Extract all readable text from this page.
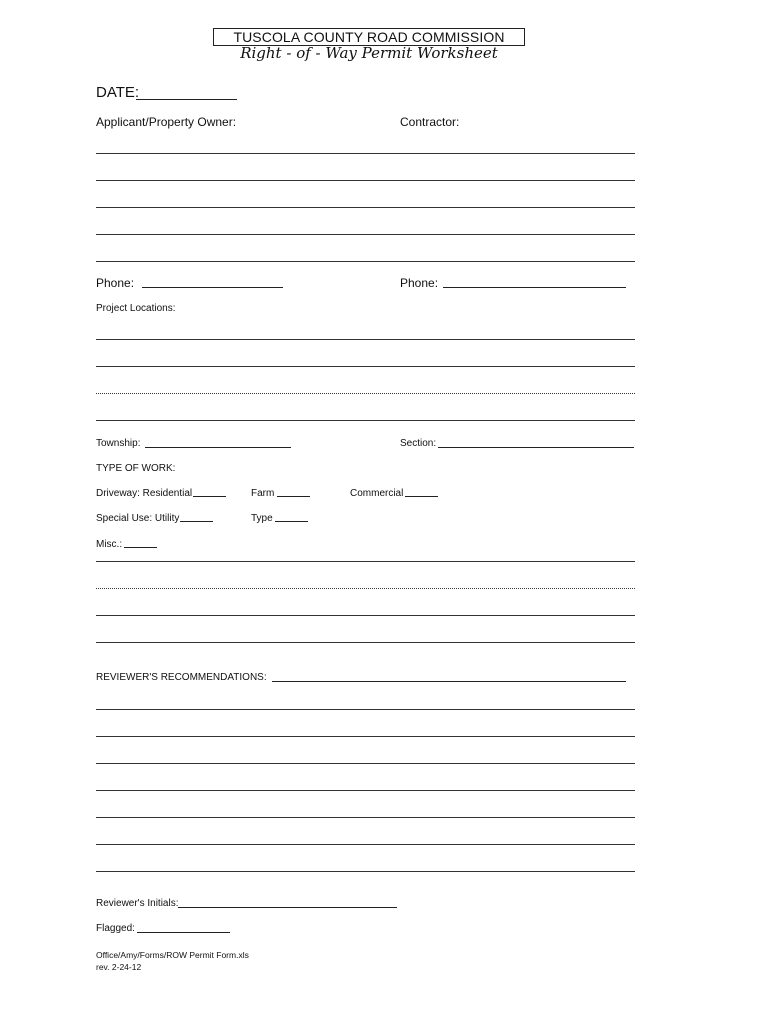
TUSCOLA COUNTY ROAD COMMISSION
Right - of - Way Permit Worksheet
DATE:
Applicant/Property Owner:	Contractor:
Phone:	Phone:
Project Locations:
Township:	Section:
TYPE OF WORK:
Driveway: Residential	Farm	Commercial
Special Use: Utility	Type
Misc.:
REVIEWER'S RECOMMENDATIONS:
Reviewer's Initials:
Flagged:
Office/Amy/Forms/ROW Permit Form.xls
rev. 2-24-12
